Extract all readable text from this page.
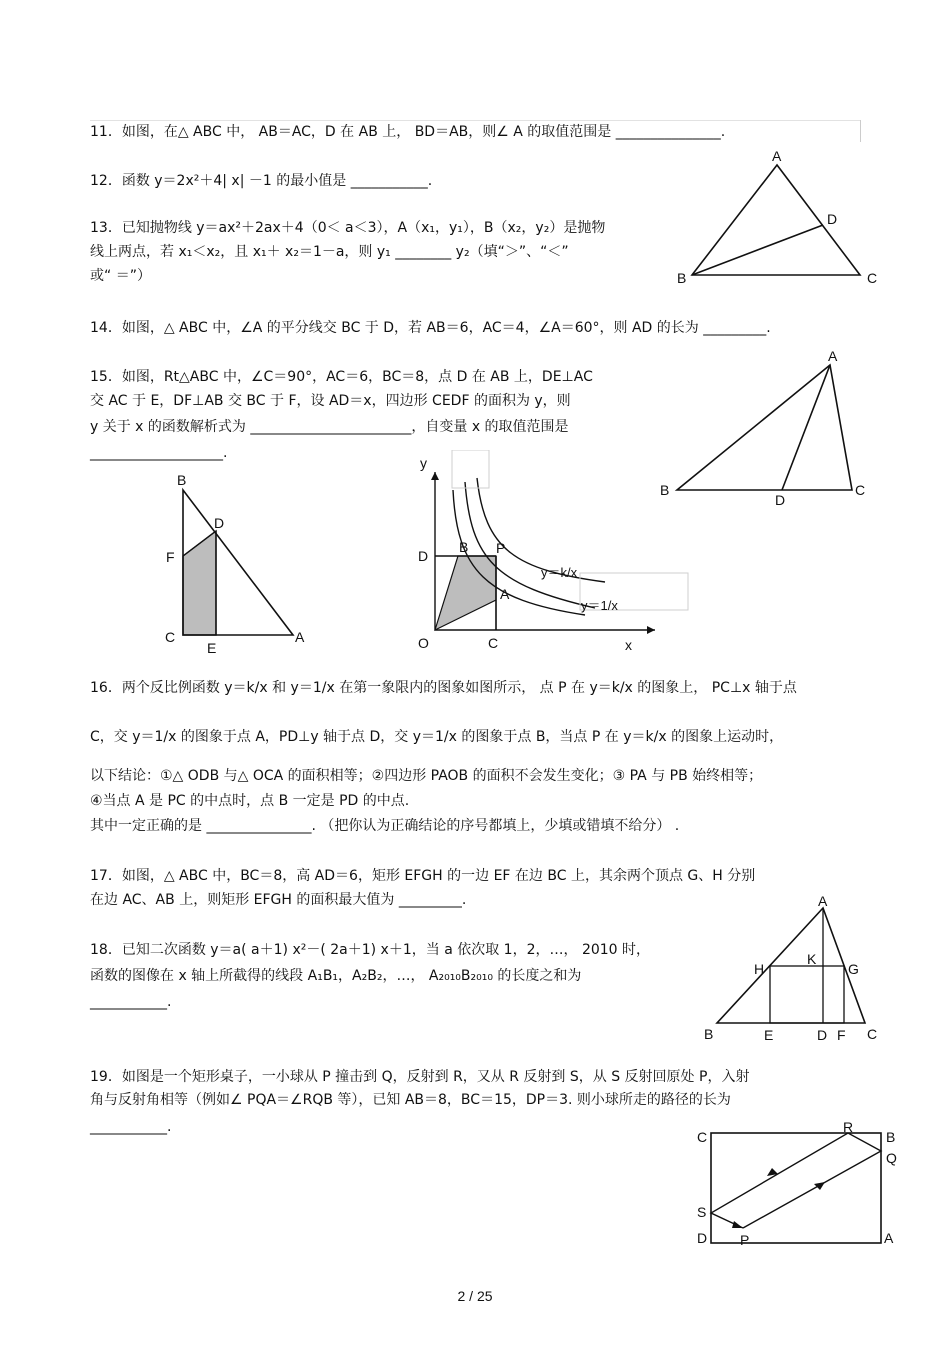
11．如图，在△ ABC 中， AB＝AC，D 在 AB 上， BD＝AB，则∠ A 的取值范围是 _______________.
12．函数 y＝2x²＋4| x| －1 的最小值是 ___________.
13．已知抛物线 y＝ax²＋2ax＋4（0＜ a＜3），A（x₁，y₁），B（x₂，y₂）是抛物
线上两点，若 x₁＜x₂，且 x₁＋ x₂＝1－a，则 y₁ ________ y₂（填“＞”、“＜”
或“ ＝”）
14．如图，△ ABC 中，∠A 的平分线交 BC 于 D，若 AB＝6，AC＝4，∠A＝60°，则 AD 的长为 _________.
15．如图，Rt△ABC 中，∠C＝90°，AC＝6，BC＝8，点 D 在 AB 上，DE⊥AC
交 AC 于 E，DF⊥AB 交 BC 于 F，设 AD＝x，四边形 CEDF 的面积为 y，则
y 关于 x 的函数解析式为 _______________________，自变量 x 的取值范围是
___________________.
16．两个反比例函数 y＝k/x 和 y＝1/x 在第一象限内的图象如图所示， 点 P 在 y＝k/x 的图象上， PC⊥x 轴于点
C，交 y＝1/x 的图象于点 A，PD⊥y 轴于点 D，交 y＝1/x 的图象于点 B，当点 P 在 y＝k/x 的图象上运动时，
以下结论：①△ ODB 与△ OCA 的面积相等；②四边形 PAOB 的面积不会发生变化；③ PA 与 PB 始终相等；
④当点 A 是 PC 的中点时，点 B 一定是 PD 的中点.
其中一定正确的是 _______________. （把你认为正确结论的序号都填上，少填或错填不给分） .
17．如图，△ ABC 中，BC＝8，高 AD＝6，矩形 EFGH 的一边 EF 在边 BC 上，其余两个顶点 G、H 分别
在边 AC、AB 上，则矩形 EFGH 的面积最大值为 _________.
18．已知二次函数 y＝a( a＋1) x²－( 2a＋1) x＋1，当 a 依次取 1，2，…， 2010 时，
函数的图像在 x 轴上所截得的线段 A₁B₁，A₂B₂，…， A₂₀₁₀B₂₀₁₀ 的长度之和为
___________.
19．如图是一个矩形桌子，一小球从 P 撞击到 Q，反射到 R，又从 R 反射到 S，从 S 反射回原处 P，入射
角与反射角相等（例如∠ PQA＝∠RQB 等），已知 AB＝8，BC＝15，DP＝3. 则小球所走的路径的长为
___________.
A
B	C
D
A
B	C
D
B
D
F
C
E
A
y
x
O	C
D
B P
A
y＝k/x
y＝1/x
A
B	C
D
E	F
G
H
K
C	B
R
Q
S
D P	A
2 / 25
